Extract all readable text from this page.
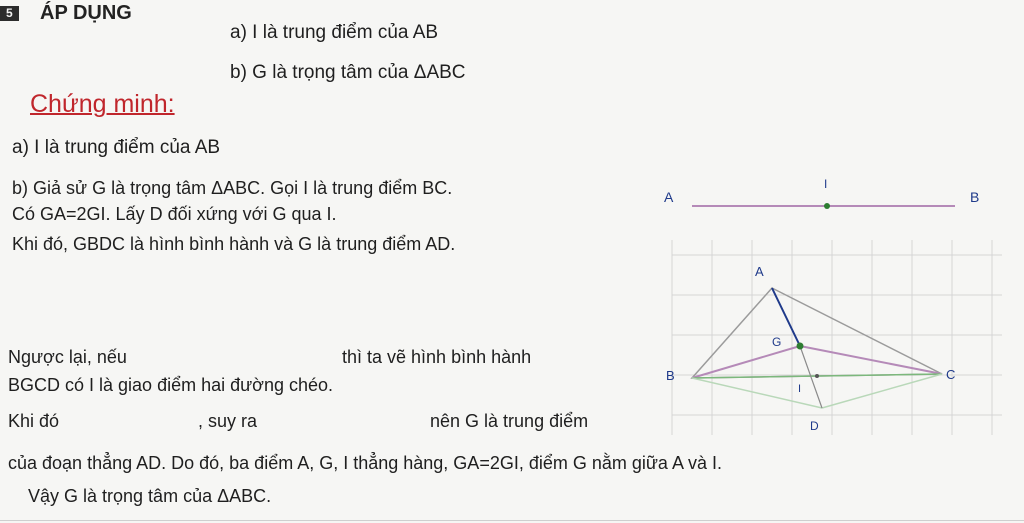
5	ÁP DỤNG
a) I là trung điểm của AB
b) G là trọng tâm của ΔABC
Chứng minh:
a) I là trung điểm của AB
b) Giả sử G là trọng tâm ΔABC. Gọi I là trung điểm BC.
Có GA=2GI. Lấy D đối xứng với G qua I.
Khi đó, GBDC là hình bình hành và G là trung điểm AD.
Ngược lại, nếu	thì ta vẽ hình bình hành
BGCD có I là giao điểm hai đường chéo.
Khi đó	, suy ra	nên G là trung điểm
của đoạn thẳng AD. Do đó, ba điểm A, G, I thẳng hàng, GA=2GI, điểm G nằm giữa A và I.
Vậy G là trọng tâm của ΔABC.
A
I
B
A
G
B	C
I
D
